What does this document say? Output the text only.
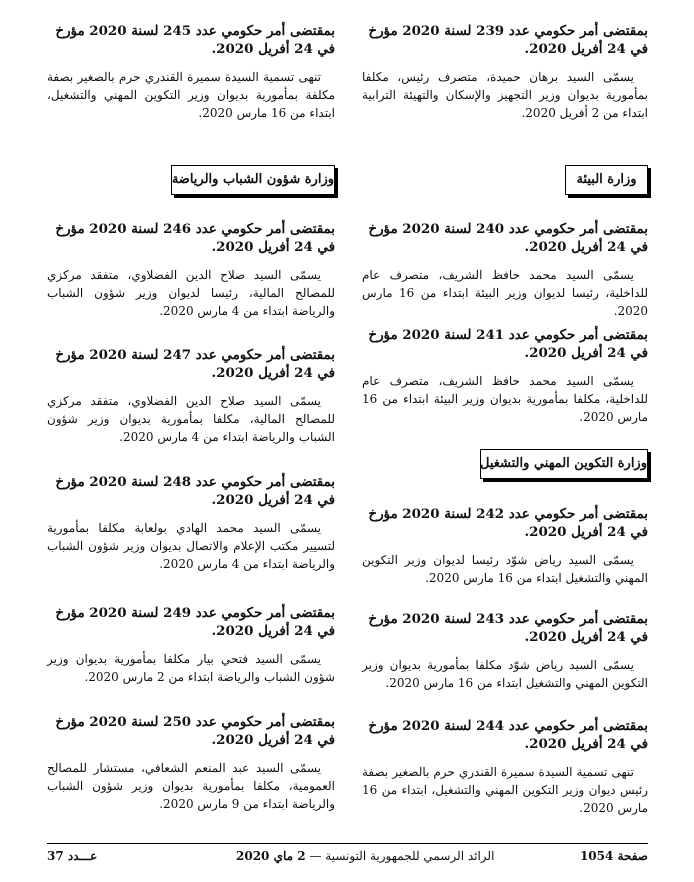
بمقتضى أمر حكومي عدد 239 لسنة 2020 مؤرخ في 24 أفريل 2020.

يسمّى السيد برهان حميدة، متصرف رئيس، مكلفا بمأمورية بديوان وزير التجهيز والإسكان والتهيئة الترابية ابتداء من 2 أفريل 2020.

وزارة البيئة

بمقتضى أمر حكومي عدد 240 لسنة 2020 مؤرخ في 24 أفريل 2020.

يسمّى السيد محمد حافظ الشريف، متصرف عام للداخلية، رئيسا لديوان وزير البيئة ابتداء من 16 مارس 2020.

بمقتضى أمر حكومي عدد 241 لسنة 2020 مؤرخ في 24 أفريل 2020.

يسمّى السيد محمد حافظ الشريف، متصرف عام للداخلية، مكلفا بمأمورية بديوان وزير البيئة ابتداء من 16 مارس 2020.

وزارة التكوين المهني والتشغيل

بمقتضى أمر حكومي عدد 242 لسنة 2020 مؤرخ في 24 أفريل 2020.

يسمّى السيد رياض شوّد رئيسا لديوان وزير التكوين المهني والتشغيل ابتداء من 16 مارس 2020.

بمقتضى أمر حكومي عدد 243 لسنة 2020 مؤرخ في 24 أفريل 2020.

يسمّى السيد رياض شوّد مكلفا بمأمورية بديوان وزير التكوين المهني والتشغيل ابتداء من 16 مارس 2020.

بمقتضى أمر حكومي عدد 244 لسنة 2020 مؤرخ في 24 أفريل 2020.

تنهى تسمية السيدة سميرة القندري حرم بالصغير بصفة رئيس ديوان وزير التكوين المهني والتشغيل، ابتداء من 16 مارس 2020.

بمقتضى أمر حكومي عدد 245 لسنة 2020 مؤرخ في 24 أفريل 2020.

تنهى تسمية السيدة سميرة القندري حرم بالصغير بصفة مكلفة بمأمورية بديوان وزير التكوين المهني والتشغيل، ابتداء من 16 مارس 2020.

وزارة شؤون الشباب والرياضة

بمقتضى أمر حكومي عدد 246 لسنة 2020 مؤرخ في 24 أفريل 2020.

يسمّى السيد صلاح الدين الفضلاوي، متفقد مركزي للمصالح المالية، رئيسا لديوان وزير شؤون الشباب والرياضة ابتداء من 4 مارس 2020.

بمقتضى أمر حكومي عدد 247 لسنة 2020 مؤرخ في 24 أفريل 2020.

يسمّى السيد صلاح الدين الفضلاوي، متفقد مركزي للمصالح المالية، مكلفا بمأمورية بديوان وزير شؤون الشباب والرياضة ابتداء من 4 مارس 2020.

بمقتضى أمر حكومي عدد 248 لسنة 2020 مؤرخ في 24 أفريل 2020.

يسمّى السيد محمد الهادي بولعابة مكلفا بمأمورية لتسيير مكتب الإعلام والاتصال بديوان وزير شؤون الشباب والرياضة ابتداء من 4 مارس 2020.

بمقتضى أمر حكومي عدد 249 لسنة 2020 مؤرخ في 24 أفريل 2020.

يسمّى السيد فتحي بيار مكلفا بمأمورية بديوان وزير شؤون الشباب والرياضة ابتداء من 2 مارس 2020.

بمقتضى أمر حكومي عدد 250 لسنة 2020 مؤرخ في 24 أفريل 2020.

يسمّى السيد عبد المنعم الشعافي، مستشار للمصالح العمومية، مكلفا بمأمورية بديوان وزير شؤون الشباب والرياضة ابتداء من 9 مارس 2020.

صفحة 1054
الرائد الرسمي للجمهورية التونسية — 2 ماي 2020
عـــدد 37
